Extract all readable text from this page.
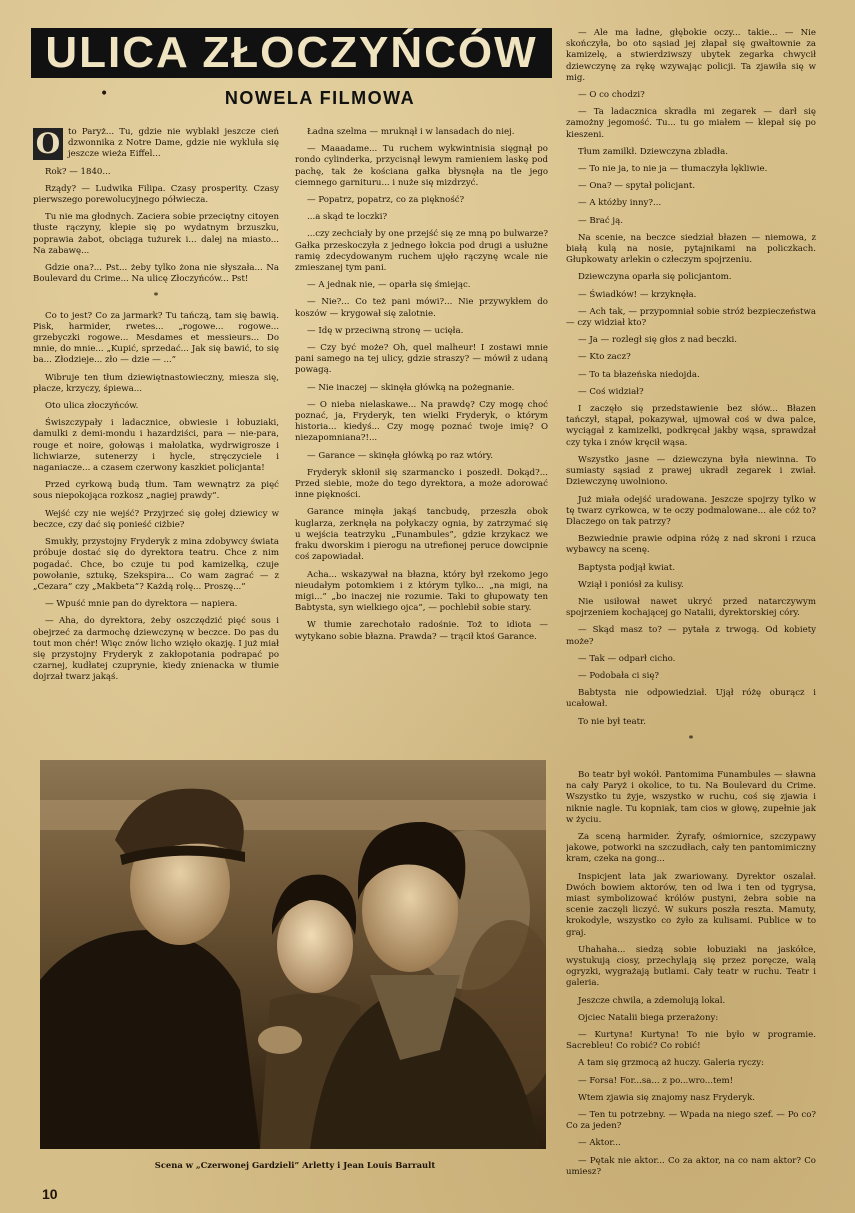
ULICA ZŁOCZYŃCÓW
•	NOWELA FILMOWA
O to Paryż... Tu, gdzie nie wyblakł jeszcze cień dzwonnika z Notre Dame, gdzie nie wykluła się jeszcze wieża Eiffel...

Rok? — 1840...

Rządy? — Ludwika Filipa. Czasy prosperity. Czasy pierwszego porewolucyjnego półwiecza.

Tu nie ma głodnych. Zaciera sobie przeciętny citoyen tłuste rączyny, klepie się po wydatnym brzuszku, poprawia żabot, obciąga tużurek i... dalej na miasto... Na zabawę...

Gdzie ona?... Pst... żeby tylko żona nie słyszała... Na Boulevard du Crime... Na ulicę Złoczyńców... Pst!

*

Co to jest? Co za jarmark? Tu tańczą, tam się bawią. Pisk, harmider, rwetes... „rogowe... rogowe... grzebyczki rogowe... Mesdames et messieurs... Do mnie, do mnie... „Kupić, sprzedać... Jak się bawić, to się ba... Złodzieje... zło — dzie — ...”

Wibruje ten tłum dziewiętnastowieczny, miesza się, płacze, krzyczy, śpiewa...

Oto ulica złoczyńców.

Świszczypały i ladacznice, obwiesie i łobuziaki, damulki z demi-mondu i hazardziści, para — nie-para, rouge et noire, gołowąs i małolatka, wydrwigrosze i lichwiarze, sutenerzy i hycle, stręczyciele i naganiacze... a czasem czerwony kaszkiet policjanta!

Przed cyrkową budą tłum. Tam wewnątrz za pięć sous niepokojąca rozkosz „nagiej prawdy”.

Wejść czy nie wejść? Przyjrzeć się gołej dziewicy w beczce, czy dać się ponieść ciżbie?

Smukły, przystojny Fryderyk z mina zdobywcy świata próbuje dostać się do dyrektora teatru. Chce z nim pogadać. Chce, bo czuje tu pod kamizelką, czuje powołanie, sztukę, Szekspira... Co wam zagrać — z „Cezara” czy „Makbeta”? Każdą rolę... Proszę...”

— Wpuść mnie pan do dyrektora — napiera.

— Aha, do dyrektora, żeby oszczędzić pięć sous i obejrzeć za darmochę dziewczynę w beczce. Do pas du tout mon chér! Więc znów licho wzięło okazję. I już miał się przystojny Fryderyk z zakłopotania podrapać po czarnej, kudłatej czuprynie, kiedy znienacka w tłumie dojrzał twarz jakąś.

Ładna szelma — mruknął i w lansadach do niej.

— Maaadame... Tu ruchem wykwintnisia sięgnął po rondo cylinderka, przycisnął lewym ramieniem laskę pod pachę, tak że kościana gałka błysnęła na tle jego ciemnego garnituru... i nuże się mizdrzyć.

— Popatrz, popatrz, co za piękność?

...a skąd te loczki?

...czy zechciały by one przejść się ze mną po bulwarze? Gałka przeskoczyła z jednego łokcia pod drugi a usłużne ramię zdecydowanym ruchem ujęło rączynę wcale nie zmieszanej tym pani.

— A jednak nie, — oparła się śmiejąc.

— Nie?... Co też pani mówi?... Nie przywykłem do koszów — krygował się zalotnie.

— Idę w przeciwną stronę — ucięła.

— Czy być może? Oh, quel malheur! I zostawi mnie pani samego na tej ulicy, gdzie straszy? — mówił z udaną powagą.

— Nie inaczej — skinęła główką na pożegnanie.

— O nieba nielaskawe... Na prawdę? Czy mogę choć poznać, ja, Fryderyk, ten wielki Fryderyk, o którym historia... kiedyś... Czy mogę poznać twoje imię? O niezapomniana?!...

— Garance — skinęła główką po raz wtóry.

Fryderyk skłonił się szarmancko i poszedł. Dokąd?... Przed siebie, może do tego dyrektora, a może adorować inne piękności.

Garance minęła jakąś tancbudę, przeszła obok kuglarza, zerknęła na połykaczy ognia, by zatrzymać się u wejścia teatrzyku „Funambules”, gdzie krzykacz we fraku dworskim i pierogu na utrefionej peruce dowcipnie coś zapowiadał.

Acha... wskazywał na błazna, który był rzekomo jego nieudałym potomkiem i z którym tylko... „na migi, na migi...” „bo inaczej nie rozumie. Taki to głupowaty ten Babtysta, syn wielkiego ojca”, — pochlebił sobie stary.

W tłumie zarechotało radośnie. Toż to idiota — wytykano sobie błazna. Prawda? — trącił ktoś Garance.

— Ale ma ładne, głębokie oczy... takie... — Nie skończyła, bo oto sąsiad jej złapał się gwałtownie za kamizelę, a stwierdziwszy ubytek zegarka chwycił dziewczynę za rękę wzywając policji. Ta zjawiła się w mig.

— O co chodzi?

— Ta ladacznica skradła mi zegarek — darł się zamożny jegomość. Tu... tu go miałem — klepał się po kieszeni.

Tłum zamilkł. Dziewczyna zbladła.

— To nie ja, to nie ja — tłumaczyła lękliwie.

— Ona? — spytał policjant.

— A któżby inny?...

— Brać ją.

Na scenie, na beczce siedział błazen — niemowa, z białą kulą na nosie, pytajnikami na policzkach. Głupkowaty arlekin o człeczym spojrzeniu.

Dziewczyna oparła się policjantom.

— Świadków! — krzyknęła.

— Ach tak, — przypomniał sobie stróż bezpieczeństwa — czy widział kto?

— Ja — rozległ się głos z nad beczki.

— Kto zacz?

— To ta błazeńska niedojda.

— Coś widział?

I zaczęło się przedstawienie bez słów... Błazen tańczył, stąpał, pokazywał, ujmował coś w dwa palce, wyciągał z kamizelki, podkręcał jakby wąsa, sprawdzał czy tyka i znów kręcił wąsa.

Wszystko jasne — dziewczyna była niewinna. To sumiasty sąsiad z prawej ukradł zegarek i zwiał. Dziewczynę uwolniono.

Już miała odejść uradowana. Jeszcze spojrzy tylko w tę twarz cyrkowca, w te oczy podmalowane... ale cóż to? Dlaczego on tak patrzy?

Bezwiednie prawie odpina różę z nad skroni i rzuca wybawcy na scenę.

Baptysta podjął kwiat.

Wziął i poniósł za kulisy.

Nie usiłował nawet ukryć przed natarczywym spojrzeniem kochającej go Natalii, dyrektorskiej córy.

— Skąd masz to? — pytała z trwogą. Od kobiety może?

— Tak — odparł cicho.

— Podobała ci się?

Babtysta nie odpowiedział. Ujął różę oburącz i ucałował.

To nie był teatr.

*

Bo teatr był wokół. Pantomima Funambules — sławna na cały Paryż i okolice, to tu. Na Boulevard du Crime. Wszystko tu żyje, wszystko w ruchu, coś się zjawia i niknie nagle. Tu kopniak, tam cios w głowę, zupełnie jak w życiu.

Za sceną harmider. Żyrafy, ośmiornice, szczypawy jakowe, potworki na szczudłach, cały ten pantomimiczny kram, czeka na gong...

Inspicjent lata jak zwariowany. Dyrektor oszalał. Dwóch bowiem aktorów, ten od lwa i ten od tygrysa, miast symbolizować królów pustyni, żebra sobie na scenie zaczęli liczyć. W sukurs poszła reszta. Mamuty, krokodyle, wszystko co żyło za kulisami. Publice w to graj.

Uhahaha... siedzą sobie łobuziaki na jaskółce, wystukują ciosy, przechylają się przez poręcze, walą ogryzki, wygrażają butlami. Cały teatr w ruchu. Teatr i galeria.

Jeszcze chwila, a zdemolują lokal.

Ojciec Natalii biega przerażony:

— Kurtyna! Kurtyna! To nie było w programie. Sacrebleu! Co robić? Co robić!

A tam się grzmocą aż huczy. Galeria ryczy:

— Forsa! For...sa... z po...wro...tem!

Wtem zjawia się znajomy nasz Fryderyk.

— Ten tu potrzebny. — Wpada na niego szef. — Po co? Co za jeden?

— Aktor...

— Pętak nie aktor... Co za aktor, na co nam aktor? Co umiesz?

Scena w „Czerwonej Gardzieli” Arletty i Jean Louis Barrault
10
